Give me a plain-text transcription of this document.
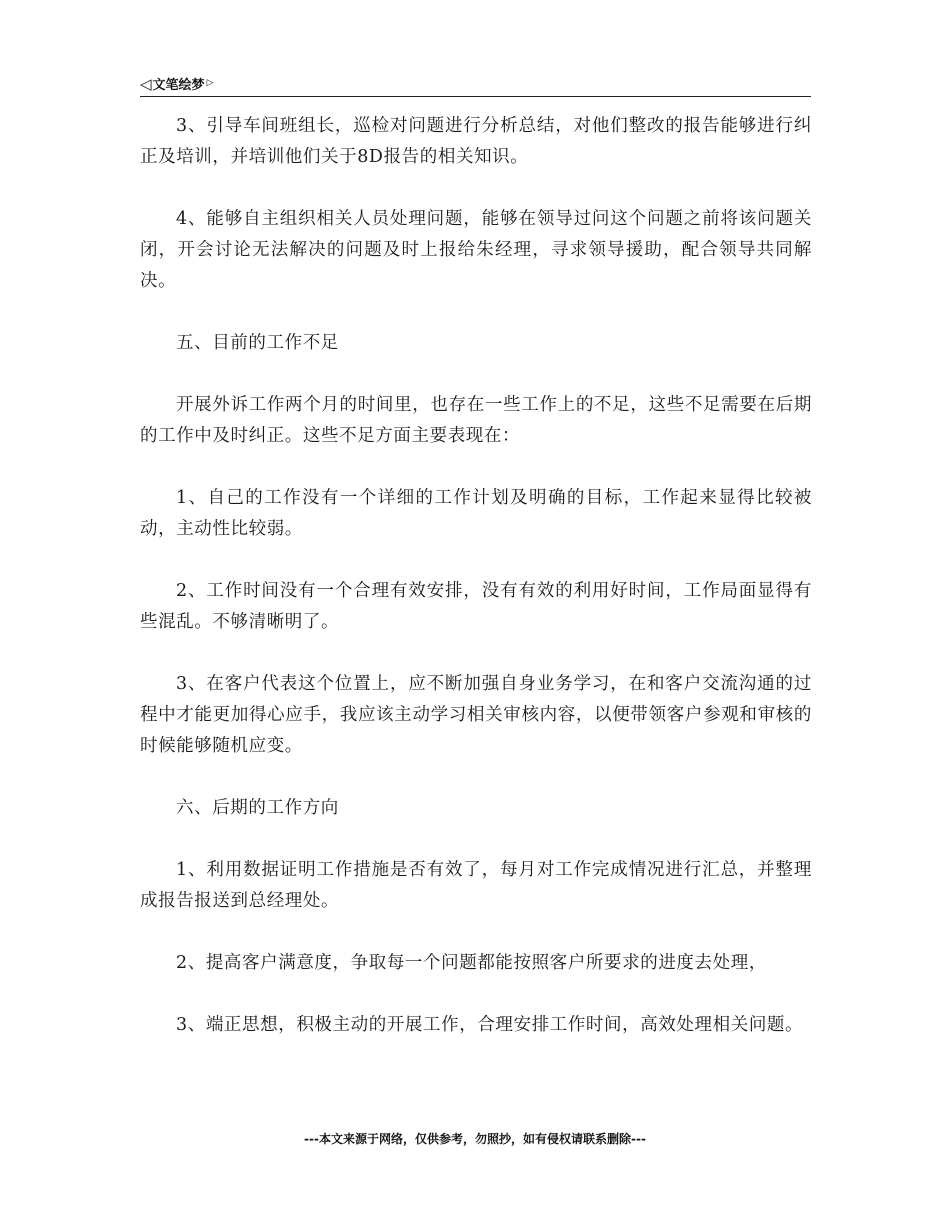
◁文笔绘梦 ▷

3、引导车间班组长，巡检对问题进行分析总结，对他们整改的报告能够进行纠正及培训，并培训他们关于8D报告的相关知识。

4、能够自主组织相关人员处理问题，能够在领导过问这个问题之前将该问题关闭，开会讨论无法解决的问题及时上报给朱经理，寻求领导援助，配合领导共同解决。

五、目前的工作不足

开展外诉工作两个月的时间里，也存在一些工作上的不足，这些不足需要在后期的工作中及时纠正。这些不足方面主要表现在：

1、自己的工作没有一个详细的工作计划及明确的目标，工作起来显得比较被动，主动性比较弱。

2、工作时间没有一个合理有效安排，没有有效的利用好时间，工作局面显得有些混乱。不够清晰明了。

3、在客户代表这个位置上，应不断加强自身业务学习，在和客户交流沟通的过程中才能更加得心应手，我应该主动学习相关审核内容，以便带领客户参观和审核的时候能够随机应变。

六、后期的工作方向

1、利用数据证明工作措施是否有效了，每月对工作完成情况进行汇总，并整理成报告报送到总经理处。

2、提高客户满意度，争取每一个问题都能按照客户所要求的进度去处理，

3、端正思想，积极主动的开展工作，合理安排工作时间，高效处理相关问题。

---本文来源于网络，仅供参考，勿照抄，如有侵权请联系删除---
